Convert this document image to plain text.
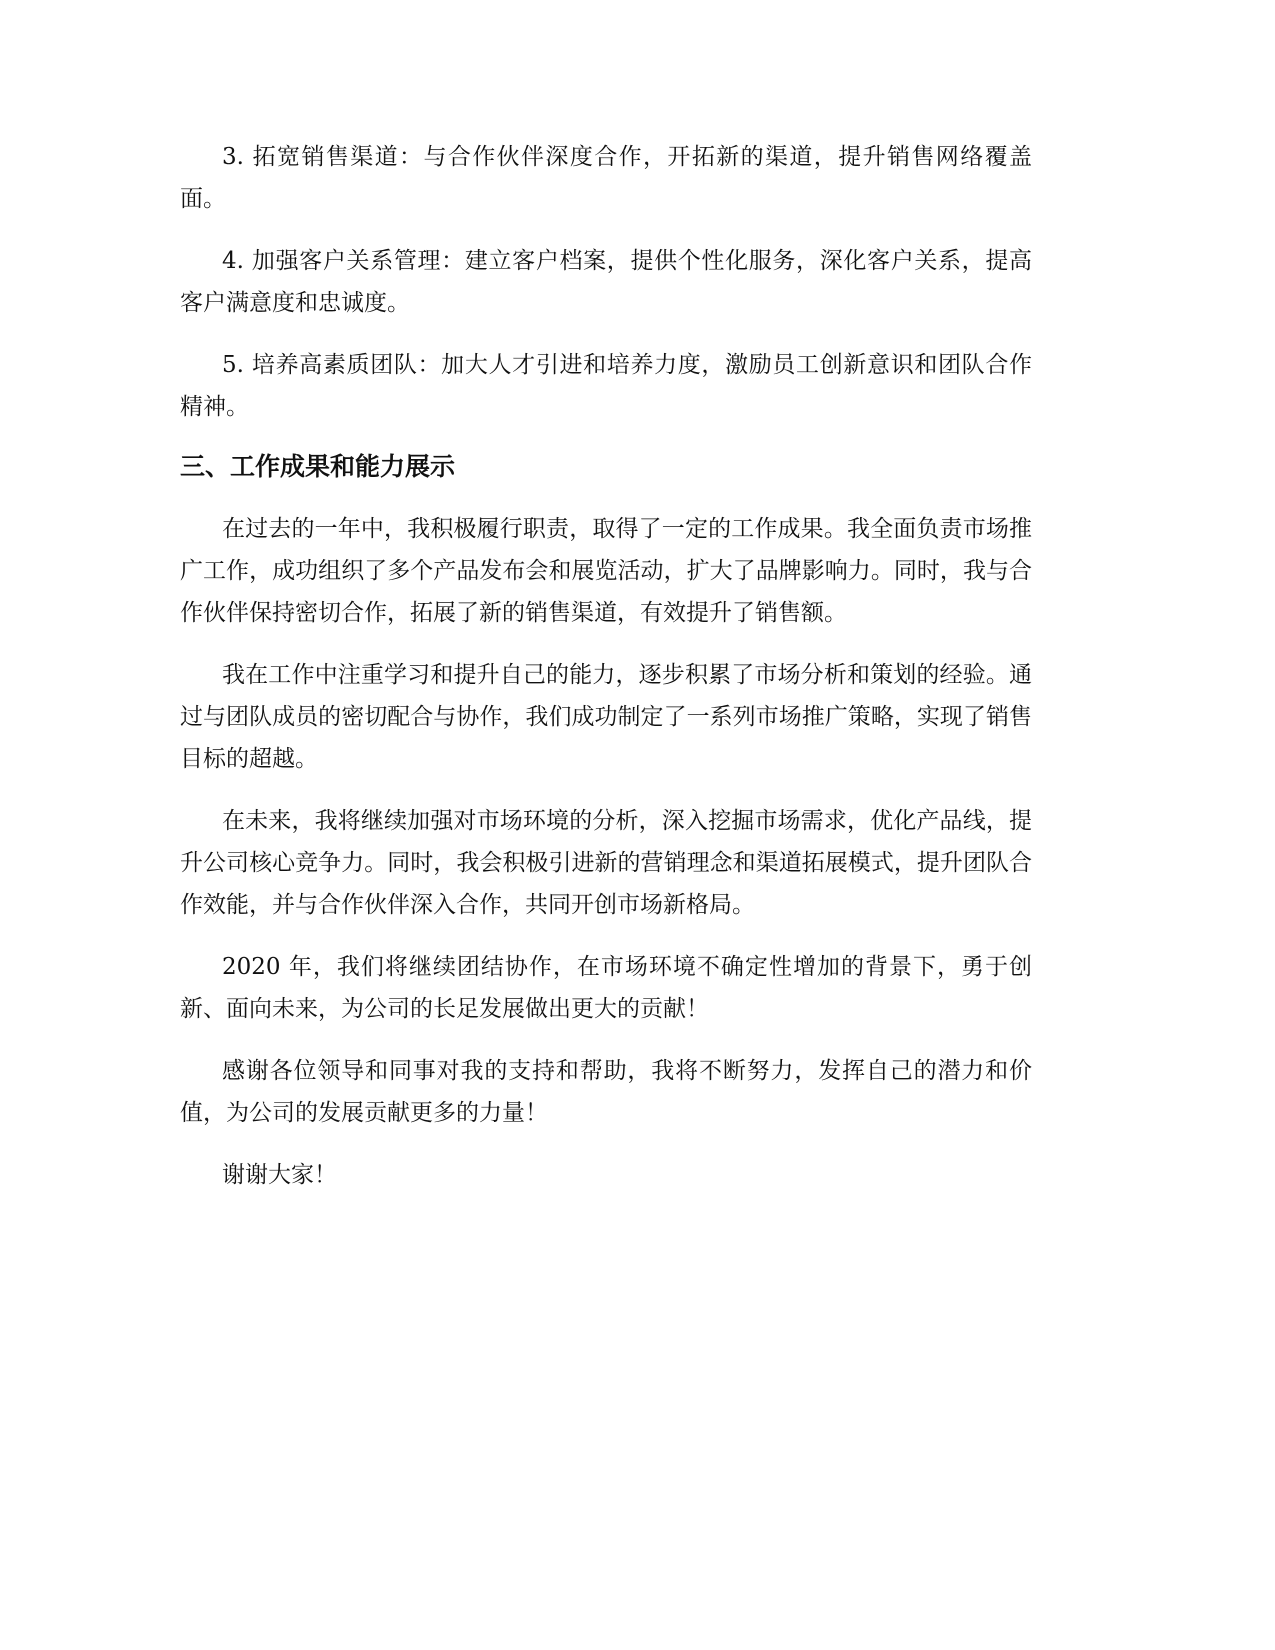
3. 拓宽销售渠道：与合作伙伴深度合作，开拓新的渠道，提升销售网络覆盖面。

4. 加强客户关系管理：建立客户档案，提供个性化服务，深化客户关系，提高客户满意度和忠诚度。

5. 培养高素质团队：加大人才引进和培养力度，激励员工创新意识和团队合作精神。

三、工作成果和能力展示

在过去的一年中，我积极履行职责，取得了一定的工作成果。我全面负责市场推广工作，成功组织了多个产品发布会和展览活动，扩大了品牌影响力。同时，我与合作伙伴保持密切合作，拓展了新的销售渠道，有效提升了销售额。

我在工作中注重学习和提升自己的能力，逐步积累了市场分析和策划的经验。通过与团队成员的密切配合与协作，我们成功制定了一系列市场推广策略，实现了销售目标的超越。

在未来，我将继续加强对市场环境的分析，深入挖掘市场需求，优化产品线，提升公司核心竞争力。同时，我会积极引进新的营销理念和渠道拓展模式，提升团队合作效能，并与合作伙伴深入合作，共同开创市场新格局。

2020 年，我们将继续团结协作，在市场环境不确定性增加的背景下，勇于创新、面向未来，为公司的长足发展做出更大的贡献！

感谢各位领导和同事对我的支持和帮助，我将不断努力，发挥自己的潜力和价值，为公司的发展贡献更多的力量！

谢谢大家！
